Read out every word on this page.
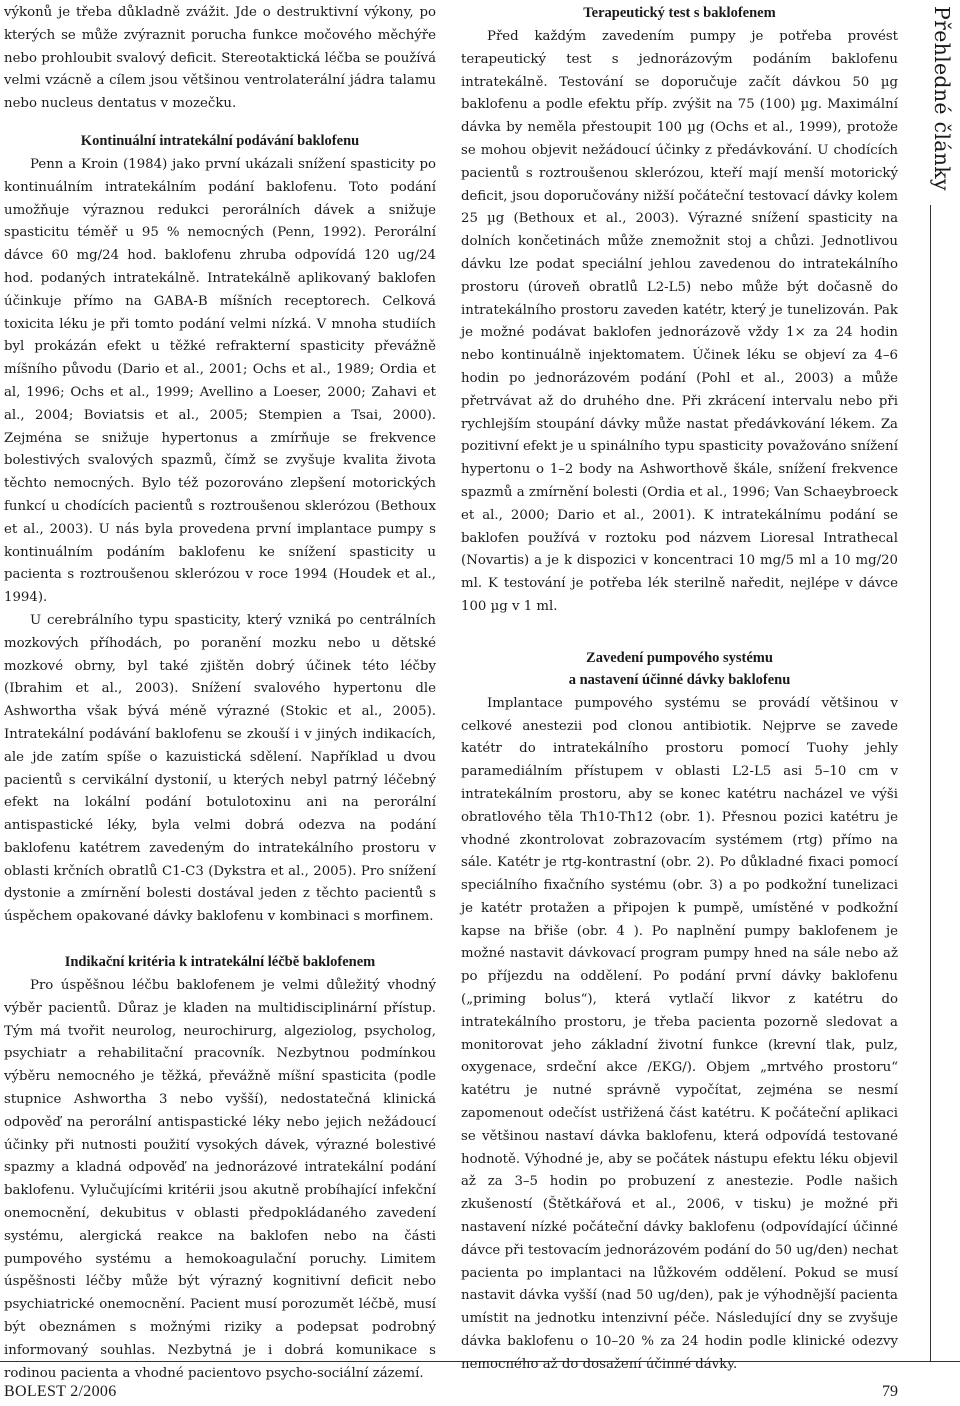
výkonů je třeba důkladně zvážit. Jde o destruktivní výkony, po kterých se může zvýraznit porucha funkce močového měchýře nebo prohloubit svalový deficit. Stereotaktická léčba se používá velmi vzácně a cílem jsou většinou ventrolaterální jádra talamu nebo nucleus dentatus v mozečku.

Kontinuální intratekální podávání baklofenu

Penn a Kroin (1984) jako první ukázali snížení spasticity po kontinuálním intratekálním podání baklofenu. Toto podání umožňuje výraznou redukci perorálních dávek a snižuje spasticitu téměř u 95 % nemocných (Penn, 1992). Perorální dávce 60 mg/24 hod. baklofenu zhruba odpovídá 120 ug/24 hod. podaných intratekálně. Intratekálně aplikovaný baklofen účinkuje přímo na GABA-B míšních receptorech. Celková toxicita léku je při tomto podání velmi nízká. V mnoha studiích byl prokázán efekt u těžké refrakterní spasticity převážně míšního původu (Dario et al., 2001; Ochs et al., 1989; Ordia et al, 1996; Ochs et al., 1999; Avellino a Loeser, 2000; Zahavi et al., 2004; Boviatsis et al., 2005; Stempien a Tsai, 2000). Zejména se snižuje hypertonus a zmírňuje se frekvence bolestivých svalových spazmů, čímž se zvyšuje kvalita života těchto nemocných. Bylo též pozorováno zlepšení motorických funkcí u chodících pacientů s roztroušenou sklerózou (Bethoux et al., 2003). U nás byla provedena první implantace pumpy s kontinuálním podáním baklofenu ke snížení spasticity u pacienta s roztroušenou sklerózou v roce 1994 (Houdek et al., 1994).

U cerebrálního typu spasticity, který vzniká po centrálních mozkových příhodách, po poranění mozku nebo u dětské mozkové obrny, byl také zjištěn dobrý účinek této léčby (Ibrahim et al., 2003). Snížení svalového hypertonu dle Ashwortha však bývá méně výrazné (Stokic et al., 2005). Intratekální podávání baklofenu se zkouší i v jiných indikacích, ale jde zatím spíše o kazuistická sdělení. Například u dvou pacientů s cervikální dystonií, u kterých nebyl patrný léčebný efekt na lokální podání botulotoxinu ani na perorální antispastické léky, byla velmi dobrá odezva na podání baklofenu katétrem zavedeným do intratekálního prostoru v oblasti krčních obratlů C1-C3 (Dykstra et al., 2005). Pro snížení dystonie a zmírnění bolesti dostával jeden z těchto pacientů s úspěchem opakované dávky baklofenu v kombinaci s morfinem.

Indikační kritéria k intratekální léčbě baklofenem

Pro úspěšnou léčbu baklofenem je velmi důležitý vhodný výběr pacientů. Důraz je kladen na multidisciplinární přístup. Tým má tvořit neurolog, neurochirurg, algeziolog, psycholog, psychiatr a rehabilitační pracovník. Nezbytnou podmínkou výběru nemocného je těžká, převážně míšní spasticita (podle stupnice Ashwortha 3 nebo vyšší), nedostatečná klinická odpověď na perorální antispastické léky nebo jejich nežádoucí účinky při nutnosti použití vysokých dávek, výrazné bolestivé spazmy a kladná odpověď na jednorázové intratekální podání baklofenu. Vylučujícími kritérii jsou akutně probíhající infekční onemocnění, dekubitus v oblasti předpokládaného zavedení systému, alergická reakce na baklofen nebo na části pumpového systému a hemokoagulační poruchy. Limitem úspěšnosti léčby může být výrazný kognitivní deficit nebo psychiatrické onemocnění. Pacient musí porozumět léčbě, musí být obeznámen s možnými riziky a podepsat podrobný informovaný souhlas. Nezbytná je i dobrá komunikace s rodinou pacienta a vhodné pacientovo psycho-sociální zázemí.

Terapeutický test s baklofenem

Před každým zavedením pumpy je potřeba provést terapeutický test s jednorázovým podáním baklofenu intratekálně. Testování se doporučuje začít dávkou 50 µg baklofenu a podle efektu příp. zvýšit na 75 (100) µg. Maximální dávka by neměla přestoupit 100 µg (Ochs et al., 1999), protože se mohou objevit nežádoucí účinky z předávkování. U chodících pacientů s roztroušenou sklerózou, kteří mají menší motorický deficit, jsou doporučovány nižší počáteční testovací dávky kolem 25 µg (Bethoux et al., 2003). Výrazné snížení spasticity na dolních končetinách může znemožnit stoj a chůzi. Jednotlivou dávku lze podat speciální jehlou zavedenou do intratekálního prostoru (úroveň obratlů L2-L5) nebo může být dočasně do intratekálního prostoru zaveden katétr, který je tunelizován. Pak je možné podávat baklofen jednorázově vždy 1× za 24 hodin nebo kontinuálně injektomatem. Účinek léku se objeví za 4–6 hodin po jednorázovém podání (Pohl et al., 2003) a může přetrvávat až do druhého dne. Při zkrácení intervalu nebo při rychlejším stoupání dávky může nastat předávkování lékem. Za pozitivní efekt je u spinálního typu spasticity považováno snížení hypertonu o 1–2 body na Ashworthově škále, snížení frekvence spazmů a zmírnění bolesti (Ordia et al., 1996; Van Schaeybroeck et al., 2000; Dario et al., 2001). K intratekálnímu podání se baklofen používá v roztoku pod názvem Lioresal Intrathecal (Novartis) a je k dispozici v koncentraci 10 mg/5 ml a 10 mg/20 ml. K testování je potřeba lék sterilně naředit, nejlépe v dávce 100 µg v 1 ml.

Zavedení pumpového systému
a nastavení účinné dávky baklofenu

Implantace pumpového systému se provádí většinou v celkové anestezii pod clonou antibiotik. Nejprve se zavede katétr do intratekálního prostoru pomocí Tuohy jehly paramediálním přístupem v oblasti L2-L5 asi 5–10 cm v intratekálním prostoru, aby se konec katétru nacházel ve výši obratlového těla Th10-Th12 (obr. 1). Přesnou pozici katétru je vhodné zkontrolovat zobrazovacím systémem (rtg) přímo na sále. Katétr je rtg-kontrastní (obr. 2). Po důkladné fixaci pomocí speciálního fixačního systému (obr. 3) a po podkožní tunelizaci je katétr protažen a připojen k pumpě, umístěné v podkožní kapse na břiše (obr. 4 ). Po naplnění pumpy baklofenem je možné nastavit dávkovací program pumpy hned na sále nebo až po příjezdu na oddělení. Po podání první dávky baklofenu („priming bolus“), která vytlačí likvor z katétru do intratekálního prostoru, je třeba pacienta pozorně sledovat a monitorovat jeho základní životní funkce (krevní tlak, pulz, oxygenace, srdeční akce /EKG/). Objem „mrtvého prostoru“ katétru je nutné správně vypočítat, zejména se nesmí zapomenout odečíst ustřižená část katétru. K počáteční aplikaci se většinou nastaví dávka baklofenu, která odpovídá testované hodnotě. Výhodné je, aby se počátek nástupu efektu léku objevil až za 3–5 hodin po probuzení z anestezie. Podle našich zkušeností (Štětkářová et al., 2006, v tisku) je možné při nastavení nízké počáteční dávky baklofenu (odpovídající účinné dávce při testovacím jednorázovém podání do 50 ug/den) nechat pacienta po implantaci na lůžkovém oddělení. Pokud se musí nastavit dávka vyšší (nad 50 ug/den), pak je výhodnější pacienta umístit na jednotku intenzivní péče. Následující dny se zvyšuje dávka baklofenu o 10–20 % za 24 hodin podle klinické odezvy nemocného až do dosažení účinné dávky.

Přehledné články
BOLEST 2/2006	79
